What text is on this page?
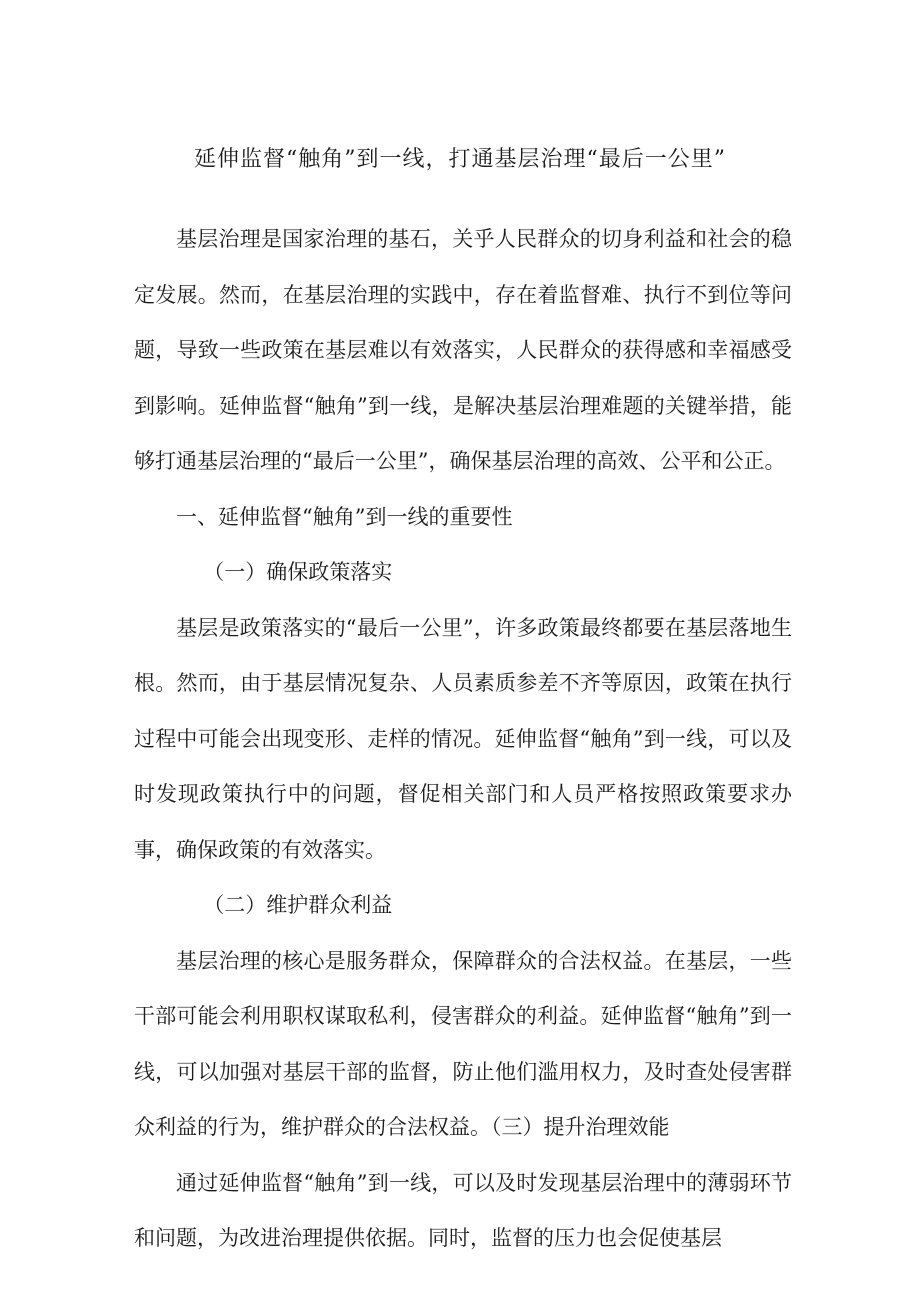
延伸监督“触角”到一线，打通基层治理“最后一公里”

基层治理是国家治理的基石，关乎人民群众的切身利益和社会的稳定发展。然而，在基层治理的实践中，存在着监督难、执行不到位等问题，导致一些政策在基层难以有效落实，人民群众的获得感和幸福感受到影响。延伸监督“触角”到一线，是解决基层治理难题的关键举措，能够打通基层治理的“最后一公里”，确保基层治理的高效、公平和公正。

一、延伸监督“触角”到一线的重要性

（一）确保政策落实

基层是政策落实的“最后一公里”，许多政策最终都要在基层落地生根。然而，由于基层情况复杂、人员素质参差不齐等原因，政策在执行过程中可能会出现变形、走样的情况。延伸监督“触角”到一线，可以及时发现政策执行中的问题，督促相关部门和人员严格按照政策要求办事，确保政策的有效落实。

（二）维护群众利益

基层治理的核心是服务群众，保障群众的合法权益。在基层，一些干部可能会利用职权谋取私利，侵害群众的利益。延伸监督“触角”到一线，可以加强对基层干部的监督，防止他们滥用权力，及时查处侵害群众利益的行为，维护群众的合法权益。（三）提升治理效能

通过延伸监督“触角”到一线，可以及时发现基层治理中的薄弱环节和问题，为改进治理提供依据。同时，监督的压力也会促使基层
